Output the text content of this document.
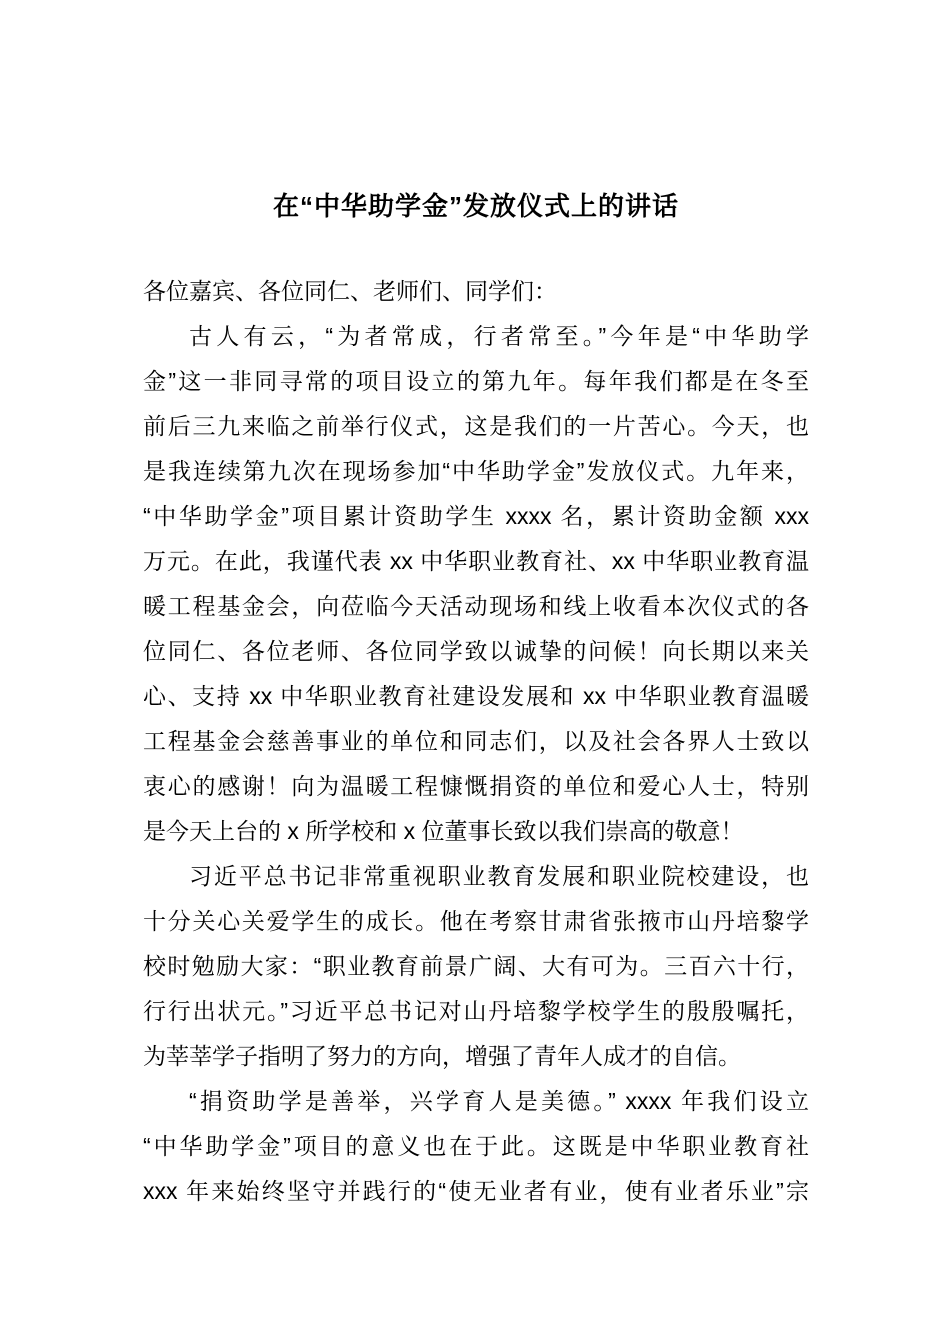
在“中华助学金”发放仪式上的讲话

各位嘉宾、各位同仁、老师们、同学们：

古人有云，“为者常成，行者常至。”今年是“中华助学

金”这一非同寻常的项目设立的第九年。每年我们都是在冬至

前后三九来临之前举行仪式，这是我们的一片苦心。今天，也

是我连续第九次在现场参加“中华助学金”发放仪式。九年来，

“中华助学金”项目累计资助学生 xxxx 名，累计资助金额 xxx

万元。在此，我谨代表 xx 中华职业教育社、xx 中华职业教育温

暖工程基金会，向莅临今天活动现场和线上收看本次仪式的各

位同仁、各位老师、各位同学致以诚挚的问候！向长期以来关

心、支持 xx 中华职业教育社建设发展和 xx 中华职业教育温暖

工程基金会慈善事业的单位和同志们，以及社会各界人士致以

衷心的感谢！向为温暖工程慷慨捐资的单位和爱心人士，特别

是今天上台的 x 所学校和 x 位董事长致以我们崇高的敬意！

习近平总书记非常重视职业教育发展和职业院校建设，也

十分关心关爱学生的成长。他在考察甘肃省张掖市山丹培黎学

校时勉励大家：“职业教育前景广阔、大有可为。三百六十行，

行行出状元。”习近平总书记对山丹培黎学校学生的殷殷嘱托，

为莘莘学子指明了努力的方向，增强了青年人成才的自信。

“捐资助学是善举，兴学育人是美德。” xxxx 年我们设立

“中华助学金”项目的意义也在于此。这既是中华职业教育社

xxx 年来始终坚守并践行的“使无业者有业，使有业者乐业”宗
